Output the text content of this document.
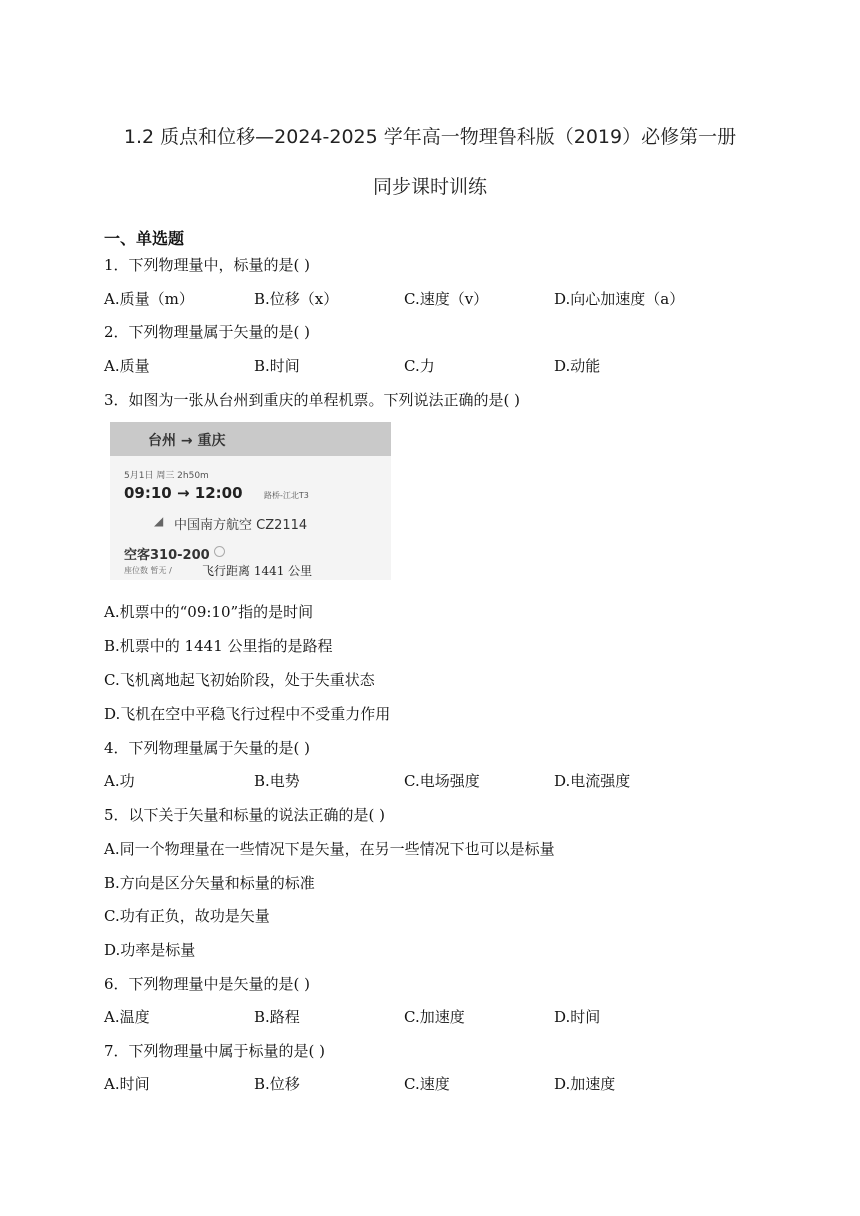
1.2 质点和位移—2024-2025 学年高一物理鲁科版（2019）必修第一册
同步课时训练
一、单选题
1．下列物理量中，标量的是( )
A.质量（m）	B.位移（x）	C.速度（v）	D.向心加速度（a）
2．下列物理量属于矢量的是( )
A.质量	B.时间	C.力	D.动能
3．如图为一张从台州到重庆的单程机票。下列说法正确的是( )
台州 → 重庆
5月1日 周三 2h50m
09:10 → 12:00	路桥-江北T3
◢ 中国南方航空 CZ2114
空客310-200
座位数 暂无 /	飞行距离 1441 公里
A.机票中的“09:10”指的是时间
B.机票中的 1441 公里指的是路程
C.飞机离地起飞初始阶段，处于失重状态
D.飞机在空中平稳飞行过程中不受重力作用
4．下列物理量属于矢量的是( )
A.功	B.电势	C.电场强度	D.电流强度
5．以下关于矢量和标量的说法正确的是( )
A.同一个物理量在一些情况下是矢量，在另一些情况下也可以是标量
B.方向是区分矢量和标量的标准
C.功有正负，故功是矢量
D.功率是标量
6．下列物理量中是矢量的是( )
A.温度	B.路程	C.加速度	D.时间
7．下列物理量中属于标量的是( )
A.时间	B.位移	C.速度	D.加速度
